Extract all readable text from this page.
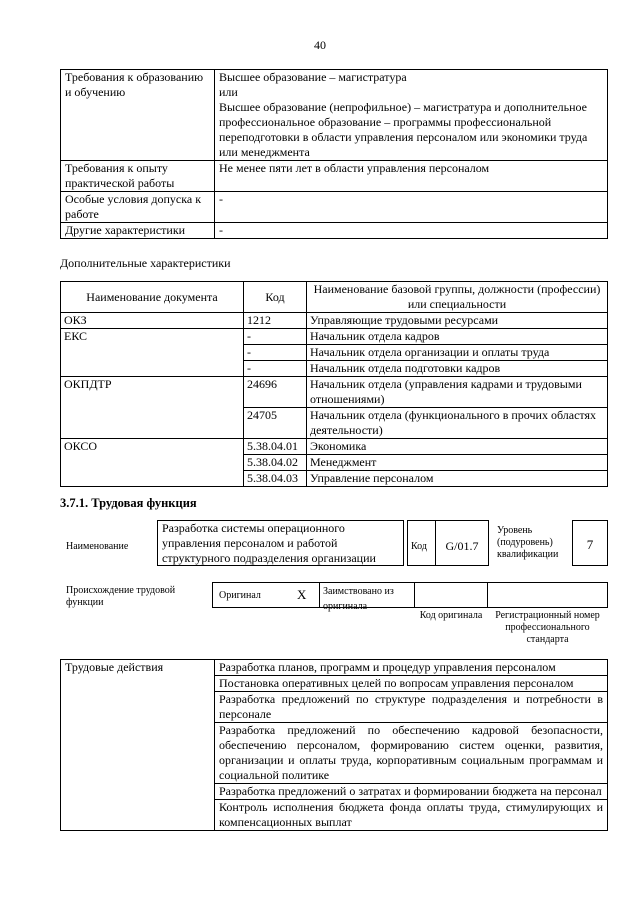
40
Требования к образованию и обучению	Высшее образование – магистратура
или
Высшее образование (непрофильное) – магистратура и дополнительное профессиональное образование – программы профессиональной переподготовки в области управления персоналом или экономики труда или менеджмента

Требования к опыту практической работы	Не менее пяти лет в области управления персоналом
Особые условия допуска к работе	-
Другие характеристики	-
Дополнительные характеристики
Наименование документа	Код	Наименование базовой группы, должности (профессии) или специальности
ОКЗ	1212	Управляющие трудовыми ресурсами
ЕКС	-	Начальник отдела кадров
	-	Начальник отдела организации и оплаты труда
	-	Начальник отдела подготовки кадров
ОКПДТР	24696	Начальник отдела (управления кадрами и трудовыми отношениями)
	24705	Начальник отдела (функционального в прочих областях деятельности)
ОКСО	5.38.04.01	Экономика
	5.38.04.02	Менеджмент
	5.38.04.03	Управление персоналом
3.7.1. Трудовая функция
Наименование
Разработка системы операционного управления персоналом и работой структурного подразделения организации
Код	G/01.7
Уровень (подуровень) квалификации
7
Происхождение трудовой функции
Оригинал	X	Заимствовано из оригинала
Код оригинала	Регистрационный номер профессионального стандарта
Трудовые действия	Разработка планов, программ и процедур управления персоналом
Постановка оперативных целей по вопросам управления персоналом
Разработка предложений по структуре подразделения и потребности в персонале
Разработка предложений по обеспечению кадровой безопасности, обеспечению персоналом, формированию систем оценки, развития, организации и оплаты труда, корпоративным социальным программам и социальной политике
Разработка предложений о затратах и формировании бюджета на персонал
Контроль исполнения бюджета фонда оплаты труда, стимулирующих и компенсационных выплат
